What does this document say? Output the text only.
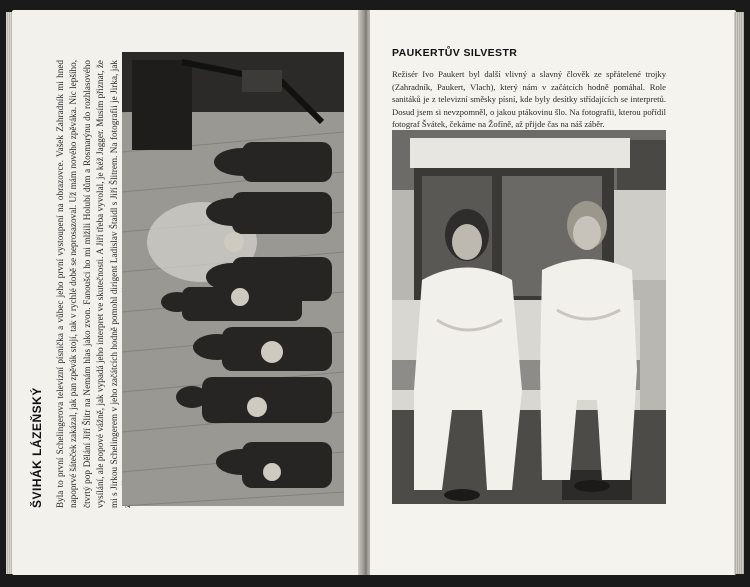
ŠVIHÁK LÁZEŇSKÝ Byla to první Schelingerova televizní písnička a vůbec jeho první vystoupení na obrazovce. Vašek Zahradník mi hned napoprvé šáteček zakázal, jak pan zpěvák stojí, tak v rychlé době se neprosazoval. Už mám nového zpěváka. Nic lepšího, čtvrtý pop Dělání Jiří Šlitr na Nemám hlas jako zvon. Fanoušci ho mi mlžili Holubí dům a Rosmarýnu do rozhlasového vysílání, ale popové vážně, jak vypadá jeho interpret ve skutečnosti. A Jiří třeba vyvolal, je kéž Jagger. Musím přiznat, že mi s Jirkou Schelingerem v jeho začátcích hodně pomohl dirigent Ladislav Štaidl s Jiří Šlitrem. Na fotografii je Jirka, jak

PAUKERTŮV SILVESTR

Režisér Ivo Paukert byl další vlivný a slavný člověk ze spřátelené trojky (Zahradník, Paukert, Vlach), který nám v začátcích hodně pomáhal. Role sanitáků je z televizní směsky písní, kde byly desítky střídajících se interpretů. Dosud jsem si nevzpomněl, o jakou ptákovinu šlo. Na fotografii, kterou pořídil fotograf Švátek, čekáme na Žofíně, až přijde čas na náš záběr.
